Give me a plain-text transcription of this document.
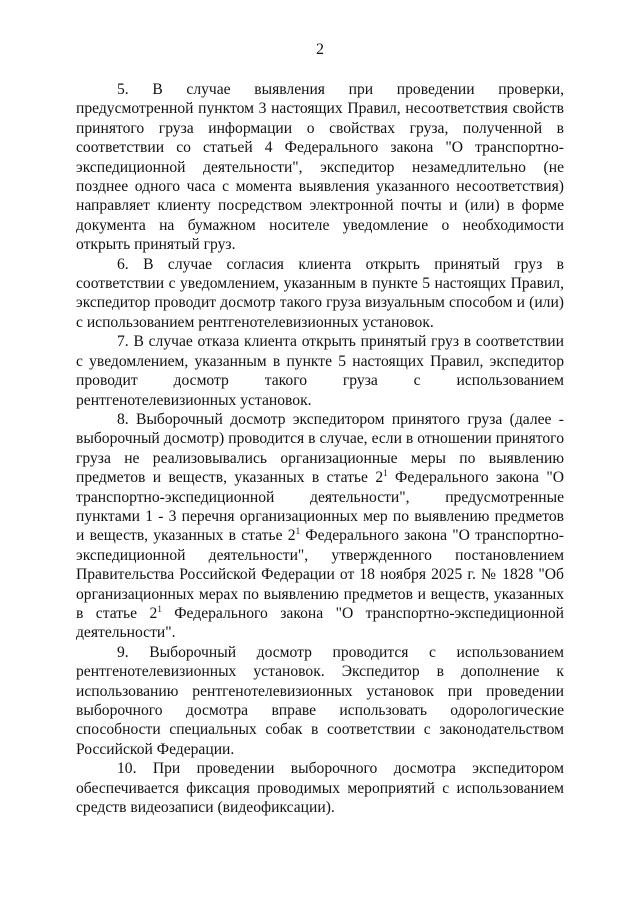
2

5. В случае выявления при проведении проверки, предусмотренной пунктом 3 настоящих Правил, несоответствия свойств принятого груза информации о свойствах груза, полученной в соответствии со статьей 4 Федерального закона "О транспортно-экспедиционной деятельности", экспедитор незамедлительно (не позднее одного часа с момента выявления указанного несоответствия) направляет клиенту посредством электронной почты и (или) в форме документа на бумажном носителе уведомление о необходимости открыть принятый груз.

6. В случае согласия клиента открыть принятый груз в соответствии с уведомлением, указанным в пункте 5 настоящих Правил, экспедитор проводит досмотр такого груза визуальным способом и (или) с использованием рентгенотелевизионных установок.

7. В случае отказа клиента открыть принятый груз в соответствии с уведомлением, указанным в пункте 5 настоящих Правил, экспедитор проводит досмотр такого груза с использованием рентгенотелевизионных установок.

8. Выборочный досмотр экспедитором принятого груза (далее - выборочный досмотр) проводится в случае, если в отношении принятого груза не реализовывались организационные меры по выявлению предметов и веществ, указанных в статье $2^1$ Федерального закона "О транспортно-экспедиционной деятельности", предусмотренные пунктами 1 - 3 перечня организационных мер по выявлению предметов и веществ, указанных в статье $2^1$ Федерального закона "О транспортно-экспедиционной деятельности", утвержденного постановлением Правительства Российской Федерации от 18 ноября 2025 г. № 1828 "Об организационных мерах по выявлению предметов и веществ, указанных в статье $2^1$ Федерального закона "О транспортно-экспедиционной деятельности".

9. Выборочный досмотр проводится с использованием рентгенотелевизионных установок. Экспедитор в дополнение к использованию рентгенотелевизионных установок при проведении выборочного досмотра вправе использовать одорологические способности специальных собак в соответствии с законодательством Российской Федерации.

10. При проведении выборочного досмотра экспедитором обеспечивается фиксация проводимых мероприятий с использованием средств видеозаписи (видеофиксации).
